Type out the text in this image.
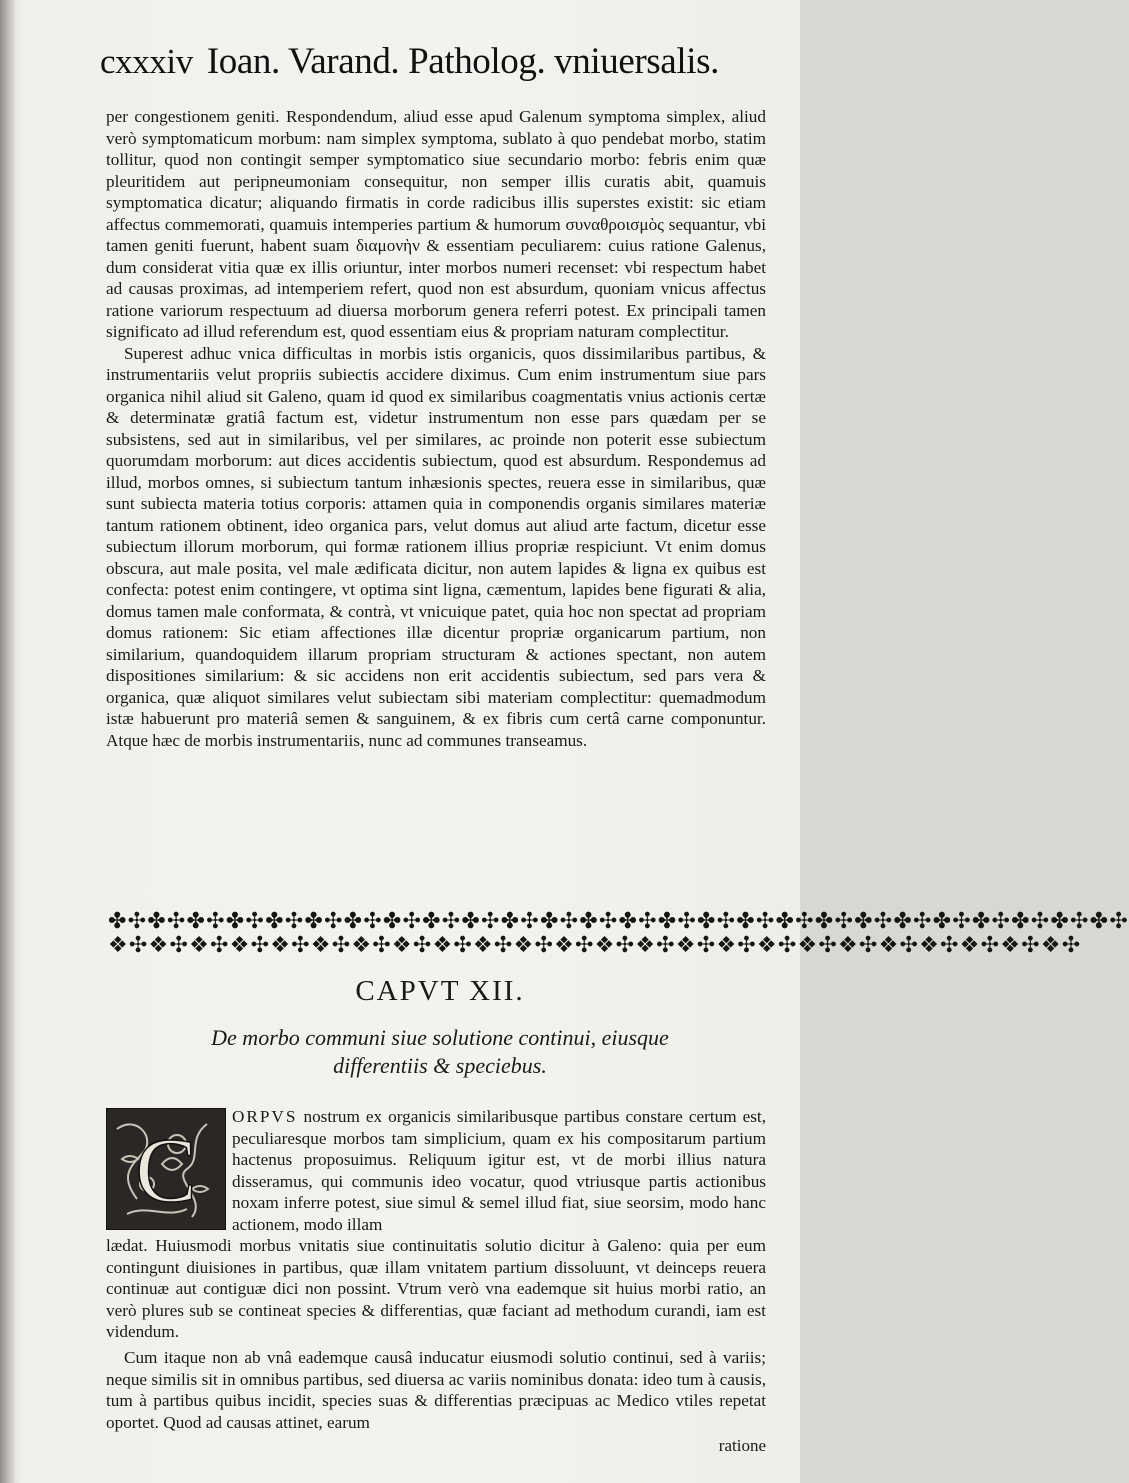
cxxxiv Ioan. Varand. Patholog. vniuersalis.

per congestionem geniti. Respondendum, aliud esse apud Galenum symptoma simplex, aliud verò symptomaticum morbum: nam simplex symptoma, sublato à quo pendebat morbo, statim tollitur, quod non contingit semper symptomatico siue secundario morbo: febris enim quæ pleuritidem aut peripneumoniam consequitur, non semper illis curatis abit, quamuis symptomatica dicatur; aliquando firmatis in corde radicibus illis superstes existit: sic etiam affectus commemorati, quamuis intemperies partium & humorum συναθροισμὸς sequantur, vbi tamen geniti fuerunt, habent suam διαμονὴν & essentiam peculiarem: cuius ratione Galenus, dum considerat vitia quæ ex illis oriuntur, inter morbos numeri recenset: vbi respectum habet ad causas proximas, ad intemperiem refert, quod non est absurdum, quoniam vnicus affectus ratione variorum respectuum ad diuersa morborum genera referri potest. Ex principali tamen significato ad illud referendum est, quod essentiam eius & propriam naturam complectitur.

Superest adhuc vnica difficultas in morbis istis organicis, quos dissimilaribus partibus, & instrumentariis velut propriis subiectis accidere diximus. Cum enim instrumentum siue pars organica nihil aliud sit Galeno, quam id quod ex similaribus coagmentatis vnius actionis certæ & determinatæ gratiâ factum est, videtur instrumentum non esse pars quædam per se subsistens, sed aut in similaribus, vel per similares, ac proinde non poterit esse subiectum quorumdam morborum: aut dices accidentis subiectum, quod est absurdum. Respondemus ad illud, morbos omnes, si subiectum tantum inhæsionis spectes, reuera esse in similaribus, quæ sunt subiecta materia totius corporis: attamen quia in componendis organis similares materiæ tantum rationem obtinent, ideo organica pars, velut domus aut aliud arte factum, dicetur esse subiectum illorum morborum, qui formæ rationem illius propriæ respiciunt. Vt enim domus obscura, aut male posita, vel male ædificata dicitur, non autem lapides & ligna ex quibus est confecta: potest enim contingere, vt optima sint ligna, cæmentum, lapides bene figurati & alia, domus tamen male conformata, & contrà, vt vnicuique patet, quia hoc non spectat ad propriam domus rationem: Sic etiam affectiones illæ dicentur propriæ organicarum partium, non similarium, quandoquidem illarum propriam structuram & actiones spectant, non autem dispositiones similarium: & sic accidens non erit accidentis subiectum, sed pars vera & organica, quæ aliquot similares velut subiectam sibi materiam complectitur: quemadmodum istæ habuerunt pro materiâ semen & sanguinem, & ex fibris cum certâ carne componuntur. Atque hæc de morbis instrumentariis, nunc ad communes transeamus.

✤✣✤✣✤✣✤✣✤✣✤✣✤✣✤✣✤✣✤✣✤✣✤✣✤✣✤✣✤✣✤✣✤✣✤✣✤✣✤✣✤✣✤✣✤✣✤✣✤✣✤✣
❖✣❖✣❖✣❖✣❖✣❖✣❖✣❖✣❖✣❖✣❖✣❖✣❖✣❖✣❖✣❖✣❖✣❖✣❖✣❖✣❖✣❖✣❖✣❖✣
CAPVT XII.
De morbo communi siue solutione continui, eiusque
differentiis & speciebus.
C
ORPVS nostrum ex organicis similaribusque partibus constare certum est, peculiaresque morbos tam simplicium, quam ex his compositarum partium hactenus proposuimus. Reliquum igitur est, vt de morbi illius natura disseramus, qui communis ideo vocatur, quod vtriusque partis actionibus noxam inferre potest, siue simul & semel illud fiat, siue seorsim, modo hanc actionem, modo illam
lædat. Huiusmodi morbus vnitatis siue continuitatis solutio dicitur à Galeno: quia per eum contingunt diuisiones in partibus, quæ illam vnitatem partium dissoluunt, vt deinceps reuera continuæ aut contiguæ dici non possint. Vtrum verò vna eademque sit huius morbi ratio, an verò plures sub se contineat species & differentias, quæ faciant ad methodum curandi, iam est videndum.
Cum itaque non ab vnâ eademque causâ inducatur eiusmodi solutio continui, sed à variis; neque similis sit in omnibus partibus, sed diuersa ac variis nominibus donata: ideo tum à causis, tum à partibus quibus incidit, species suas & differentias præcipuas ac Medico vtiles repetat oportet. Quod ad causas attinet, earum
ratione
